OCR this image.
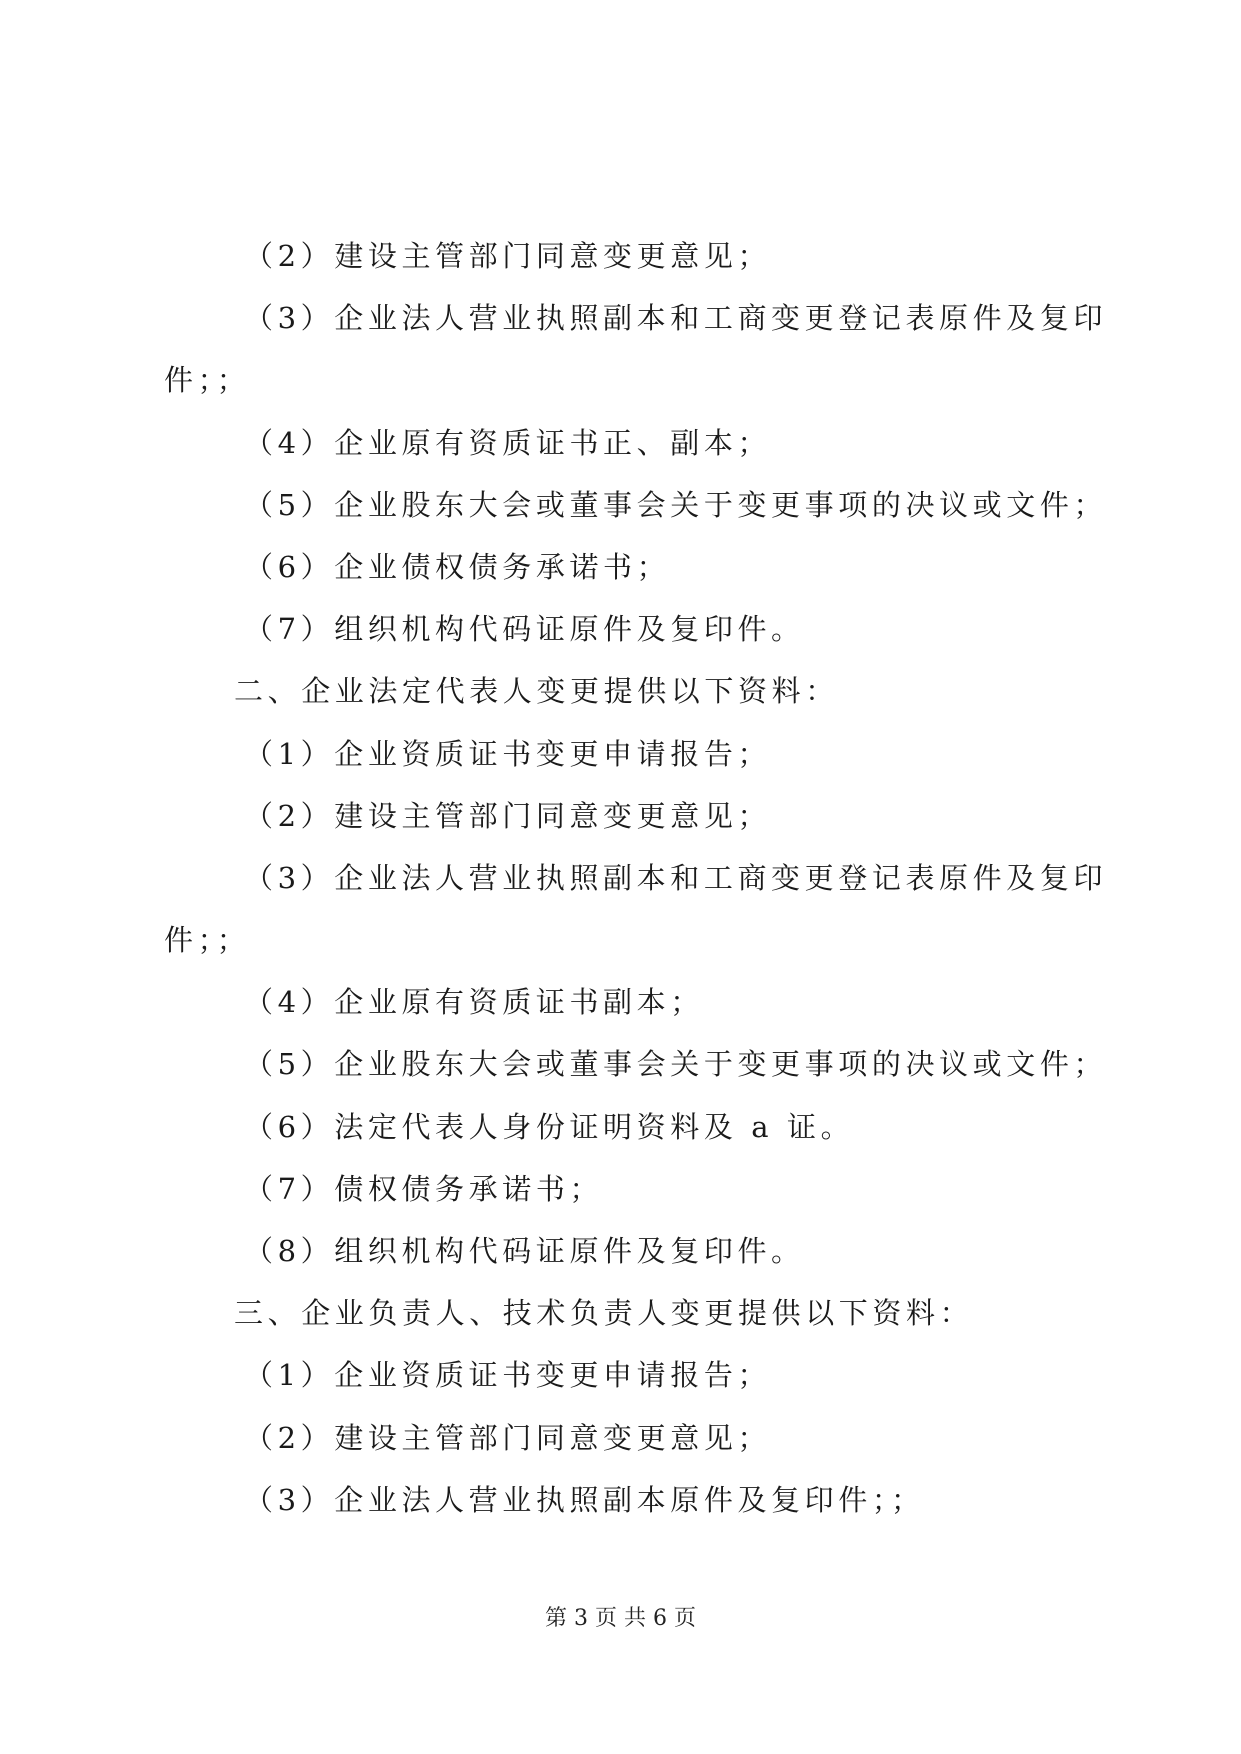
（2）建设主管部门同意变更意见；
（3）企业法人营业执照副本和工商变更登记表原件及复印
件；；
（4）企业原有资质证书正、副本；
（5）企业股东大会或董事会关于变更事项的决议或文件；
（6）企业债权债务承诺书；
（7）组织机构代码证原件及复印件。
二、企业法定代表人变更提供以下资料：
（1）企业资质证书变更申请报告；
（2）建设主管部门同意变更意见；
（3）企业法人营业执照副本和工商变更登记表原件及复印
件；；
（4）企业原有资质证书副本；
（5）企业股东大会或董事会关于变更事项的决议或文件；
（6）法定代表人身份证明资料及 a 证。
（7）债权债务承诺书；
（8）组织机构代码证原件及复印件。
三、企业负责人、技术负责人变更提供以下资料：
（1）企业资质证书变更申请报告；
（2）建设主管部门同意变更意见；
（3）企业法人营业执照副本原件及复印件；；
第 3 页 共 6 页
